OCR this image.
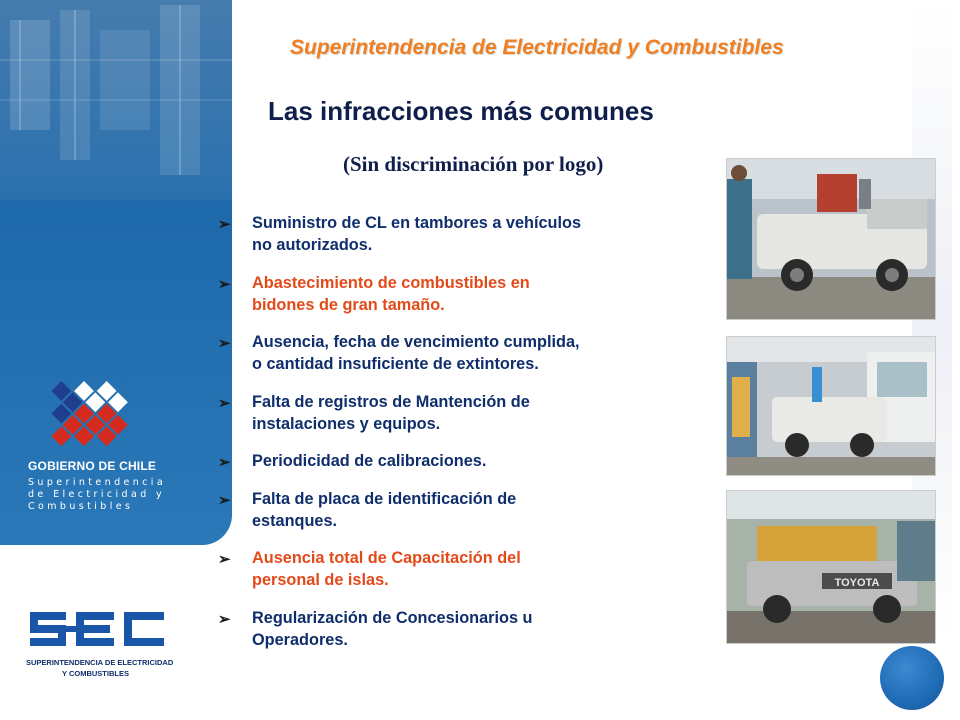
GOBIERNO DE CHILE
Superintendencia
de Electricidad y
Combustibles
SUPERINTENDENCIA DE ELECTRICIDAD
Y COMBUSTIBLES
Superintendencia de Electricidad y Combustibles
Las infracciones más comunes
(Sin discriminación por logo)
➢ Suministro de CL en tambores a vehículos
no autorizados.
➢ Abastecimiento de combustibles en
bidones de gran tamaño.
➢ Ausencia, fecha de vencimiento cumplida,
o cantidad insuficiente de extintores.
➢ Falta de registros de Mantención de
instalaciones y equipos.
➢ Periodicidad de calibraciones.
➢ Falta de placa de identificación de
estanques.
➢ Ausencia total de Capacitación del
personal de islas.
➢ Regularización de Concesionarios u
Operadores.
TOYOTA
